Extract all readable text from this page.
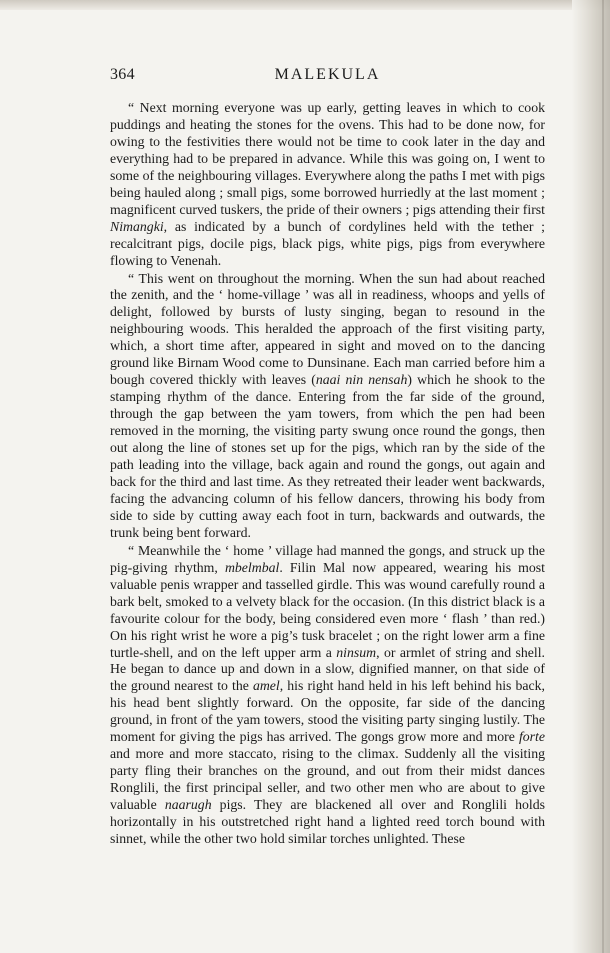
364	MALEKULA

“ Next morning everyone was up early, getting leaves in which to cook puddings and heating the stones for the ovens. This had to be done now, for owing to the festivities there would not be time to cook later in the day and everything had to be prepared in advance. While this was going on, I went to some of the neighbouring villages. Everywhere along the paths I met with pigs being hauled along ; small pigs, some borrowed hurriedly at the last moment ; magnificent curved tuskers, the pride of their owners ; pigs attending their first Nimangki, as indicated by a bunch of cordylines held with the tether ; recalcitrant pigs, docile pigs, black pigs, white pigs, pigs from everywhere flowing to Venenah.

“ This went on throughout the morning. When the sun had about reached the zenith, and the ‘ home-village ’ was all in readiness, whoops and yells of delight, followed by bursts of lusty singing, began to resound in the neighbouring woods. This heralded the approach of the first visiting party, which, a short time after, appeared in sight and moved on to the dancing ground like Birnam Wood come to Dunsinane. Each man carried before him a bough covered thickly with leaves (naai nin nensah) which he shook to the stamping rhythm of the dance. Entering from the far side of the ground, through the gap between the yam towers, from which the pen had been removed in the morning, the visiting party swung once round the gongs, then out along the line of stones set up for the pigs, which ran by the side of the path leading into the village, back again and round the gongs, out again and back for the third and last time. As they retreated their leader went backwards, facing the advancing column of his fellow dancers, throwing his body from side to side by cutting away each foot in turn, backwards and outwards, the trunk being bent forward.

“ Meanwhile the ‘ home ’ village had manned the gongs, and struck up the pig-giving rhythm, mbelmbal. Filin Mal now appeared, wearing his most valuable penis wrapper and tasselled girdle. This was wound carefully round a bark belt, smoked to a velvety black for the occasion. (In this district black is a favourite colour for the body, being considered even more ‘ flash ’ than red.) On his right wrist he wore a pig’s tusk bracelet ; on the right lower arm a fine turtle-shell, and on the left upper arm a ninsum, or armlet of string and shell. He began to dance up and down in a slow, dignified manner, on that side of the ground nearest to the amel, his right hand held in his left behind his back, his head bent slightly forward. On the opposite, far side of the dancing ground, in front of the yam towers, stood the visiting party singing lustily. The moment for giving the pigs has arrived. The gongs grow more and more forte and more and more staccato, rising to the climax. Suddenly all the visiting party fling their branches on the ground, and out from their midst dances Ronglili, the first principal seller, and two other men who are about to give valuable naarugh pigs. They are blackened all over and Ronglili holds horizontally in his outstretched right hand a lighted reed torch bound with sinnet, while the other two hold similar torches unlighted. These
